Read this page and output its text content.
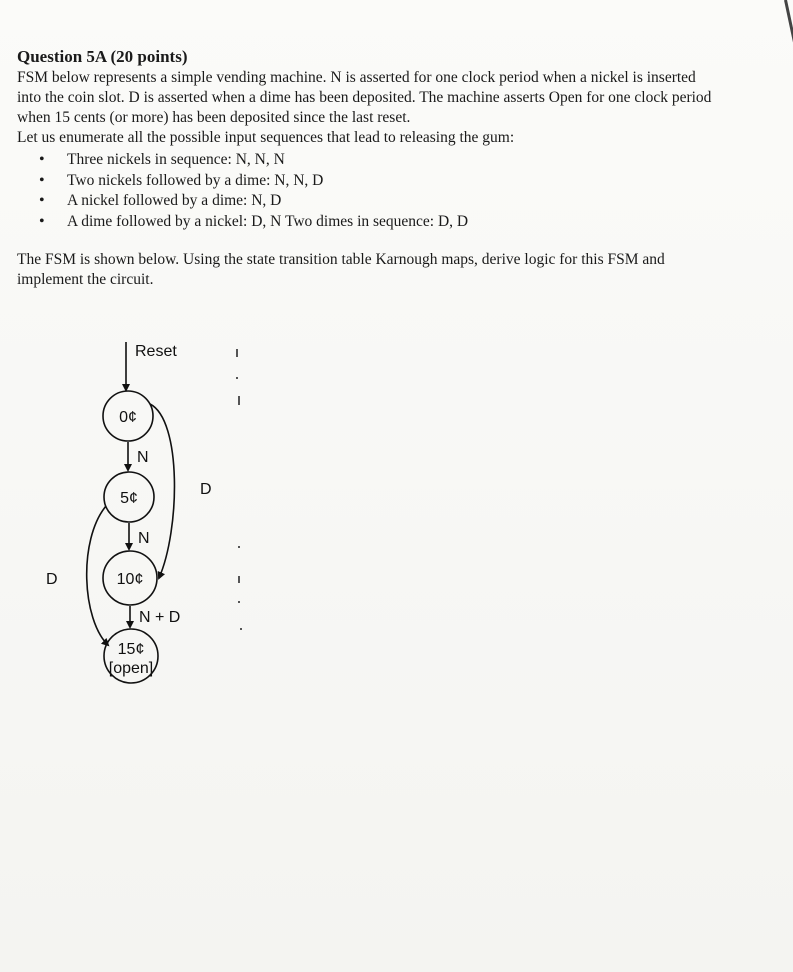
Question 5A (20 points)

FSM below represents a simple vending machine. N is asserted for one clock period when a nickel is inserted

into the coin slot. D is asserted when a dime has been deposited. The machine asserts Open for one clock period

when 15 cents (or more) has been deposited since the last reset.

Let us enumerate all the possible input sequences that lead to releasing the gum:

• Three nickels in sequence: N, N, N
• Two nickels followed by a dime: N, N, D
• A nickel followed by a dime: N, D
• A dime followed by a nickel: D, N Two dimes in sequence: D, D

The FSM is shown below. Using the state transition table Karnough maps, derive logic for this FSM and

implement the circuit.

Reset
0¢
5¢
10¢
15¢
[open]
N
N
N + D
D
D
